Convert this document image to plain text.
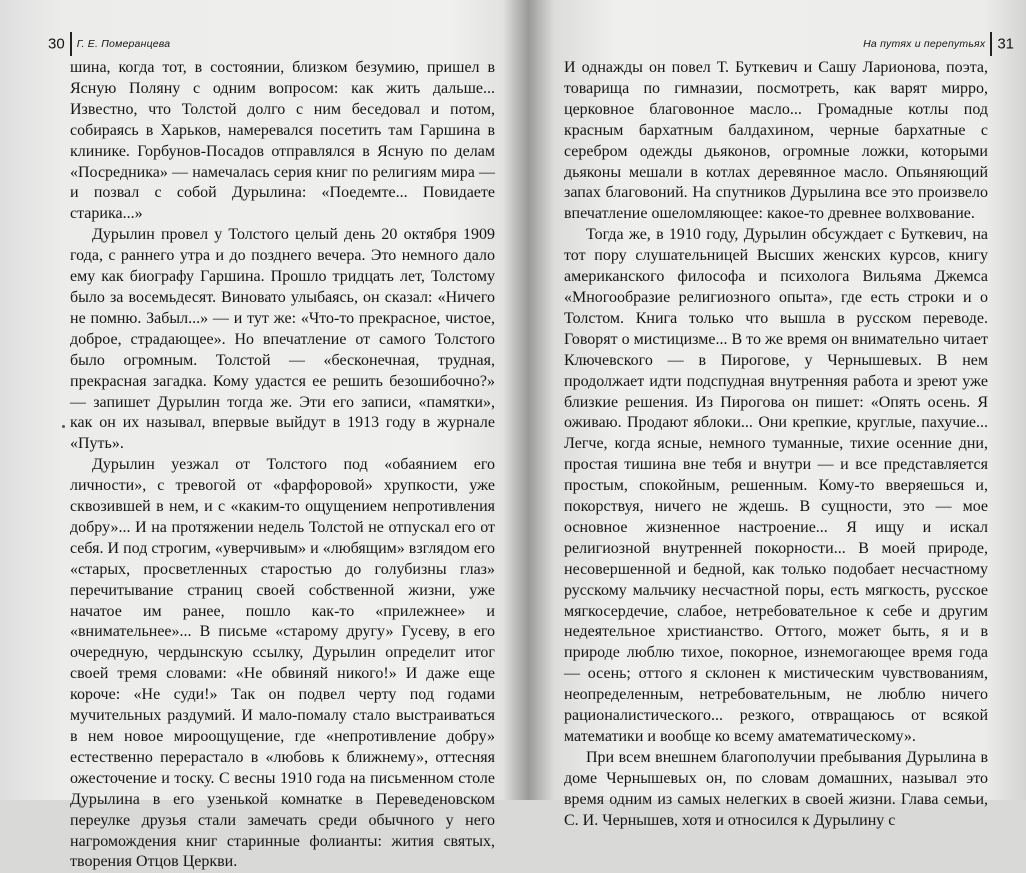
30 Г. Е. Померанцева

шина, когда тот, в состоянии, близком безумию, пришел в Ясную Поляну с одним вопросом: как жить дальше... Известно, что Толстой долго с ним беседовал и потом, собираясь в Харьков, намеревался посетить там Гаршина в клинике. Горбунов-Посадов отправлялся в Ясную по делам «Посредника» — намечалась серия книг по религиям мира — и позвал с собой Дурылина: «Поедемте... Повидаете старика...»

Дурылин провел у Толстого целый день 20 октября 1909 года, с раннего утра и до позднего вечера. Это немного дало ему как биографу Гаршина. Прошло тридцать лет, Толстому было за восемьдесят. Виновато улыбаясь, он сказал: «Ничего не помню. Забыл...» — и тут же: «Что-то прекрасное, чистое, доброе, страдающее». Но впечатление от самого Толстого было огромным. Толстой — «бесконечная, трудная, прекрасная загадка. Кому удастся ее решить безошибочно?» — запишет Дурылин тогда же. Эти его записи, «памятки», как он их называл, впервые выйдут в 1913 году в журнале «Путь».

Дурылин уезжал от Толстого под «обаянием его личности», с тревогой от «фарфоровой» хрупкости, уже сквозившей в нем, и с «каким-то ощущением непротивления добру»... И на протяжении недель Толстой не отпускал его от себя. И под строгим, «уверчивым» и «любящим» взглядом его «старых, просветленных старостью до голубизны глаз» перечитывание страниц своей собственной жизни, уже начатое им ранее, пошло как-то «прилежнее» и «внимательнее»... В письме «старому другу» Гусеву, в его очередную, чердынскую ссылку, Дурылин определит итог своей тремя словами: «Не обвиняй никого!» И даже еще короче: «Не суди!» Так он подвел черту под годами мучительных раздумий. И мало-помалу стало выстраиваться в нем новое мироощущение, где «непротивление добру» естественно перерастало в «любовь к ближнему», оттесняя ожесточение и тоску. С весны 1910 года на письменном столе Дурылина в его узенькой комнатке в Переведеновском переулке друзья стали замечать среди обычного у него нагромождения книг старинные фолианты: жития святых, творения Отцов Церкви.

На путях и перепутьях 31

И однажды он повел Т. Буткевич и Сашу Ларионова, поэта, товарища по гимназии, посмотреть, как варят мирро, церковное благовонное масло... Громадные котлы под красным бархатным балдахином, черные бархатные с серебром одежды дьяконов, огромные ложки, которыми дьяконы мешали в котлах деревянное масло. Опьяняющий запах благовоний. На спутников Дурылина все это произвело впечатление ошеломляющее: какое-то древнее волхвование.

Тогда же, в 1910 году, Дурылин обсуждает с Буткевич, на тот пору слушательницей Высших женских курсов, книгу американского философа и психолога Вильяма Джемса «Многообразие религиозного опыта», где есть строки и о Толстом. Книга только что вышла в русском переводе. Говорят о мистицизме... В то же время он внимательно читает Ключевского — в Пирогове, у Чернышевых. В нем продолжает идти подспудная внутренняя работа и зреют уже близкие решения. Из Пирогова он пишет: «Опять осень. Я оживаю. Продают яблоки... Они крепкие, круглые, пахучие... Легче, когда ясные, немного туманные, тихие осенние дни, простая тишина вне тебя и внутри — и все представляется простым, спокойным, решенным. Кому-то вверяешься и, покорствуя, ничего не ждешь. В сущности, это — мое основное жизненное настроение... Я ищу и искал религиозной внутренней покорности... В моей природе, несовершенной и бедной, как только подобает несчастному русскому мальчику несчастной поры, есть мягкость, русское мягкосердечие, слабое, нетребовательное к себе и другим недеятельное христианство. Оттого, может быть, я и в природе люблю тихое, покорное, изнемогающее время года — осень; оттого я склонен к мистическим чувствованиям, неопределенным, нетребовательным, не люблю ничего рационалистического... резкого, отвращаюсь от всякой математики и вообще ко всему аматематическому».

При всем внешнем благополучии пребывания Дурылина в доме Чернышевых он, по словам домашних, называл это время одним из самых нелегких в своей жизни. Глава семьи, С. И. Чернышев, хотя и относился к Дурылину с
